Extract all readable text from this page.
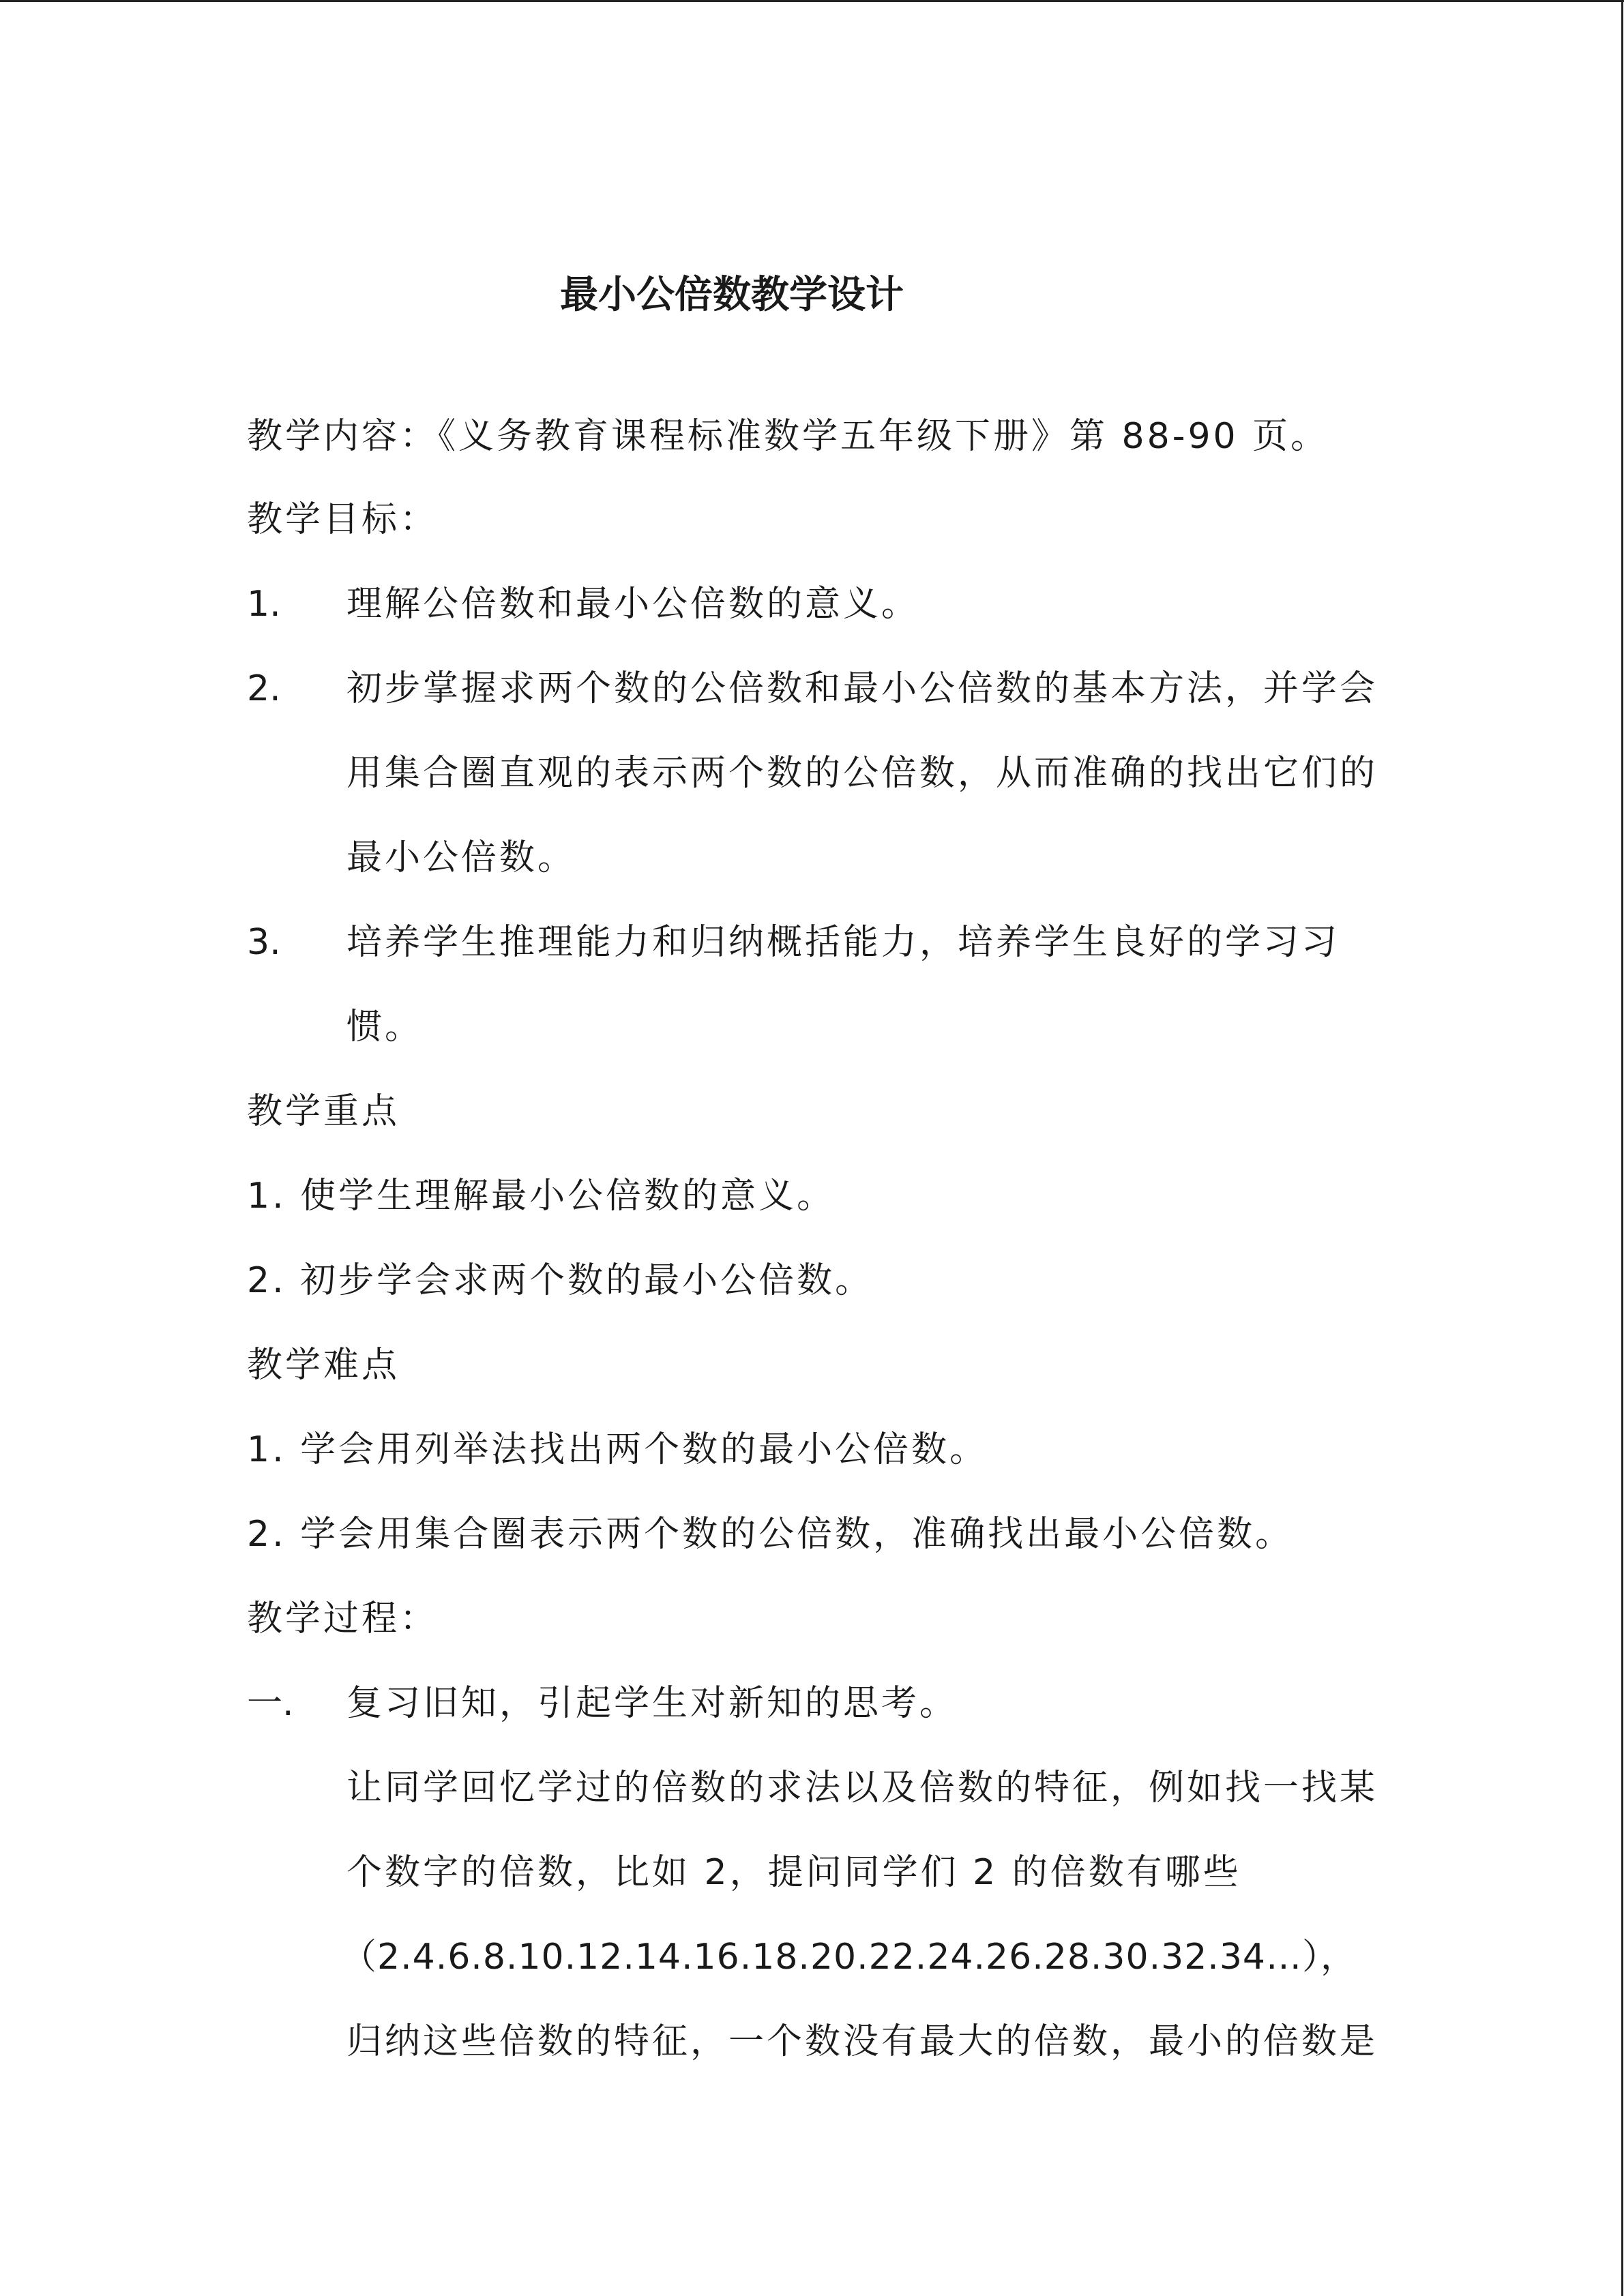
最小公倍数教学设计
教学内容：《义务教育课程标准数学五年级下册》第 88-90 页。
教学目标：
1. 理解公倍数和最小公倍数的意义。
2. 初步掌握求两个数的公倍数和最小公倍数的基本方法，并学会
用集合圈直观的表示两个数的公倍数，从而准确的找出它们的
最小公倍数。
3. 培养学生推理能力和归纳概括能力，培养学生良好的学习习
惯。
教学重点
1. 使学生理解最小公倍数的意义。
2. 初步学会求两个数的最小公倍数。
教学难点
1. 学会用列举法找出两个数的最小公倍数。
2. 学会用集合圈表示两个数的公倍数，准确找出最小公倍数。
教学过程：
一. 复习旧知，引起学生对新知的思考。
让同学回忆学过的倍数的求法以及倍数的特征，例如找一找某
个数字的倍数，比如 2，提问同学们 2 的倍数有哪些
（2.4.6.8.10.12.14.16.18.20.22.24.26.28.30.32.34…），
归纳这些倍数的特征，一个数没有最大的倍数，最小的倍数是
